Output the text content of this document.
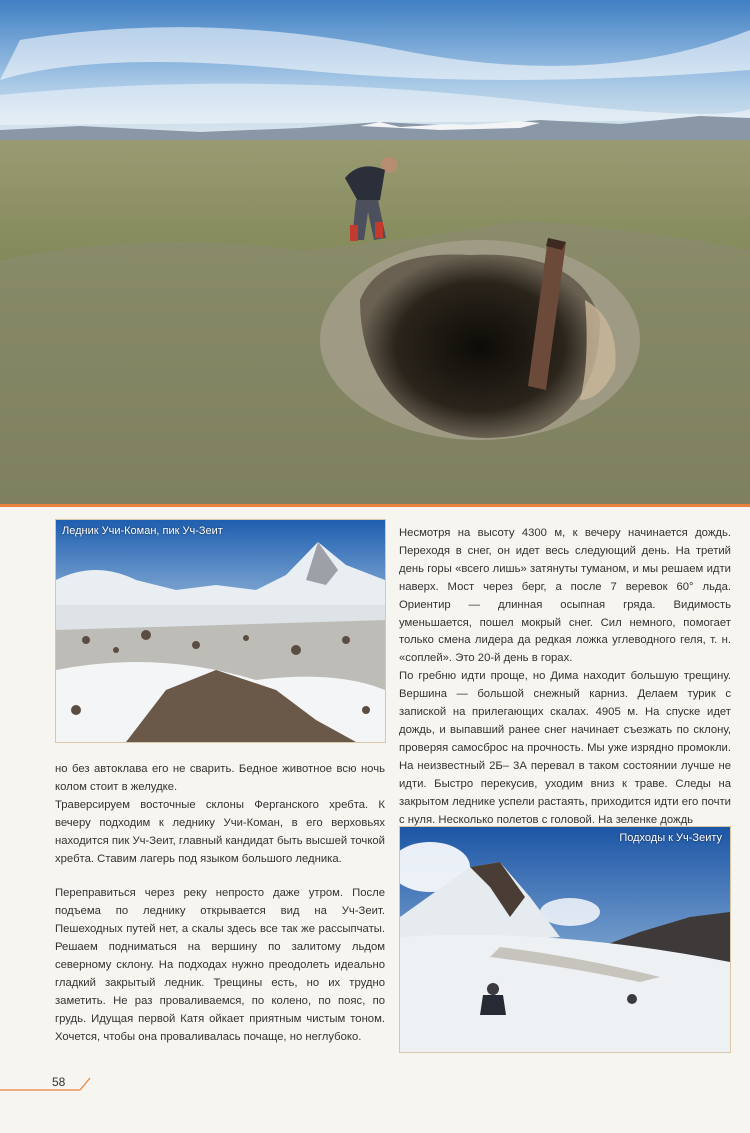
Несмотря на высоту 4300 м, к вечеру начинается дождь. Переходя в снег, он идет весь следующий день. На третий день горы «всего лишь» затянуты туманом, и мы решаем идти наверх. Мост через берг, а после 7 веревок 60° льда. Ориентир — длинная осыпная гряда. Видимость уменьшается, пошел мокрый снег. Сил немного, помогает только смена лидера да редкая ложка углеводного геля, т. н. «соплей». Это 20-й день в горах.

По гребню идти проще, но Дима находит большую трещину. Вершина — большой снежный карниз. Делаем турик с запиской на прилегающих скалах. 4905 м. На спуске идет дождь, и выпавший ранее снег начинает съезжать по склону, проверяя самосброс на прочность. Мы уже изрядно промокли. На неизвестный 2Б– 3А перевал в таком состоянии лучше не идти. Быстро перекусив, уходим вниз к траве. Следы на закрытом леднике успели растаять, приходится идти его почти с нуля. Несколько полетов с головой. На зеленке дождь

Ледник Учи-Коман, пик Уч-Зеит

но без автоклава его не сварить. Бедное животное всю ночь колом стоит в желудке.

Траверсируем восточные склоны Ферганского хребта. К вечеру подходим к леднику Учи-Коман, в его верховьях находится пик Уч-Зеит, главный кандидат быть высшей точкой хребта. Ставим лагерь под языком большого ледника.

Переправиться через реку непросто даже утром. После подъема по леднику открывается вид на Уч-Зеит. Пешеходных путей нет, а скалы здесь все так же рассыпчаты. Решаем подниматься на вершину по залитому льдом северному склону. На подходах нужно преодолеть идеально гладкий закрытый ледник. Трещины есть, но их трудно заметить. Не раз проваливаемся, по колено, по пояс, по грудь. Идущая первой Катя ойкает приятным чистым тоном. Хочется, чтобы она проваливалась почаще, но неглубоко.

Подходы к Уч-Зеиту
58
